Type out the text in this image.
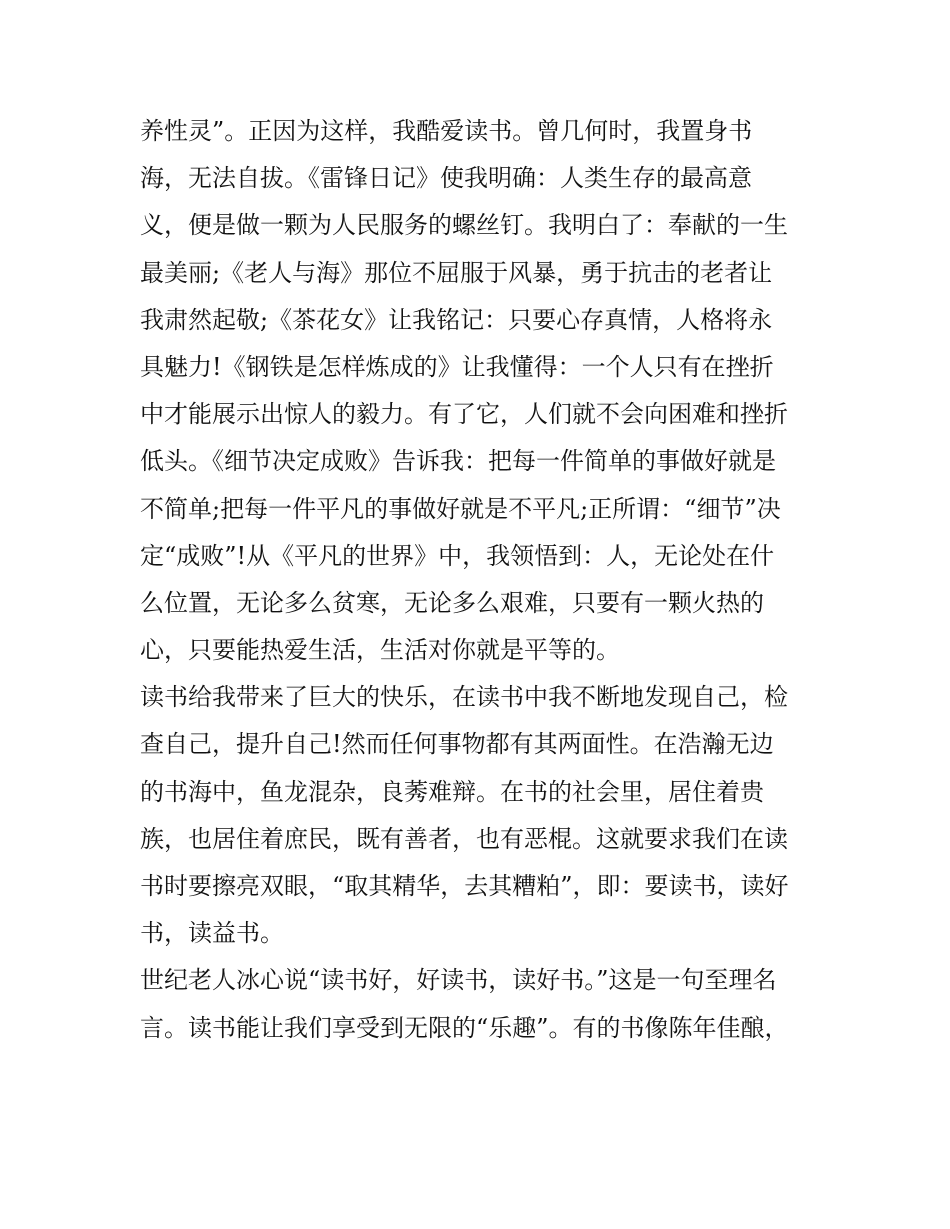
养性灵”。正因为这样，我酷爱读书。曾几何时，我置身书
海，无法自拔。《雷锋日记》使我明确：人类生存的最高意
义，便是做一颗为人民服务的螺丝钉。我明白了：奉献的一生
最美丽;《老人与海》那位不屈服于风暴，勇于抗击的老者让
我肃然起敬;《茶花女》让我铭记：只要心存真情，人格将永
具魅力!《钢铁是怎样炼成的》让我懂得：一个人只有在挫折
中才能展示出惊人的毅力。有了它，人们就不会向困难和挫折
低头。《细节决定成败》告诉我：把每一件简单的事做好就是
不简单;把每一件平凡的事做好就是不平凡;正所谓：“细节”决
定“成败”!从《平凡的世界》中，我领悟到：人，无论处在什
么位置，无论多么贫寒，无论多么艰难，只要有一颗火热的
心，只要能热爱生活，生活对你就是平等的。
读书给我带来了巨大的快乐，在读书中我不断地发现自己，检
查自己，提升自己!然而任何事物都有其两面性。在浩瀚无边
的书海中，鱼龙混杂，良莠难辩。在书的社会里，居住着贵
族，也居住着庶民，既有善者，也有恶棍。这就要求我们在读
书时要擦亮双眼，“取其精华，去其糟粕”，即：要读书，读好
书，读益书。
世纪老人冰心说“读书好，好读书，读好书。”这是一句至理名
言。读书能让我们享受到无限的“乐趣”。有的书像陈年佳酿，
